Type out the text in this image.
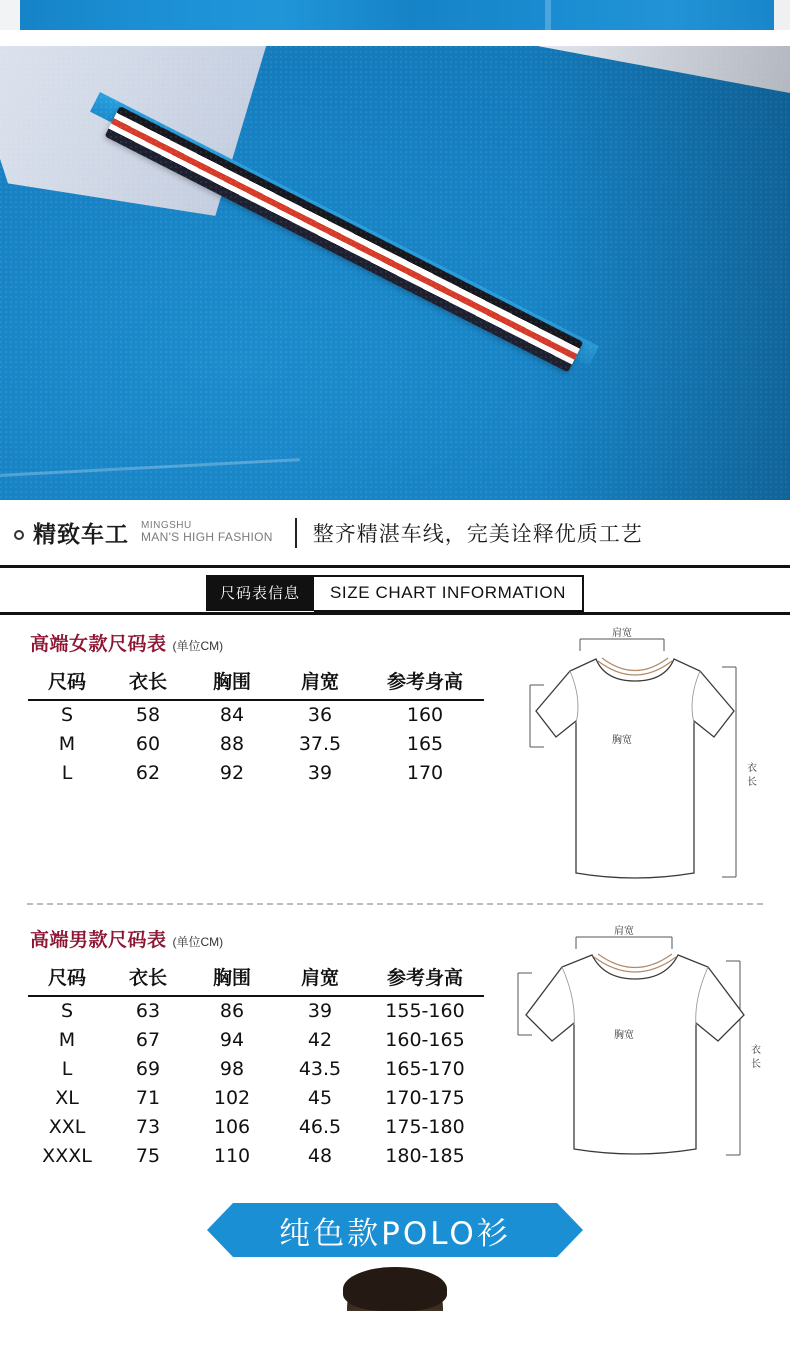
精致车工 MINGSHU
MAN'S HIGH FASHION 整齐精湛车线，完美诠释优质工艺
尺码表信息	SIZE CHART INFORMATION
高端女款尺码表 (单位CM)
尺码	衣长	胸围	肩宽	参考身高
S	58	84	36	160
M	60	88	37.5	165
L	62	92	39	170
肩宽
胸宽
衣
长
高端男款尺码表 (单位CM)
尺码	衣长	胸围	肩宽	参考身高
S	63	86	39	155-160
M	67	94	42	160-165
L	69	98	43.5	165-170
XL	71	102	45	170-175
XXL	73	106	46.5	175-180
XXXL	75	110	48	180-185
肩宽
胸宽
衣
长
纯色款POLO衫
